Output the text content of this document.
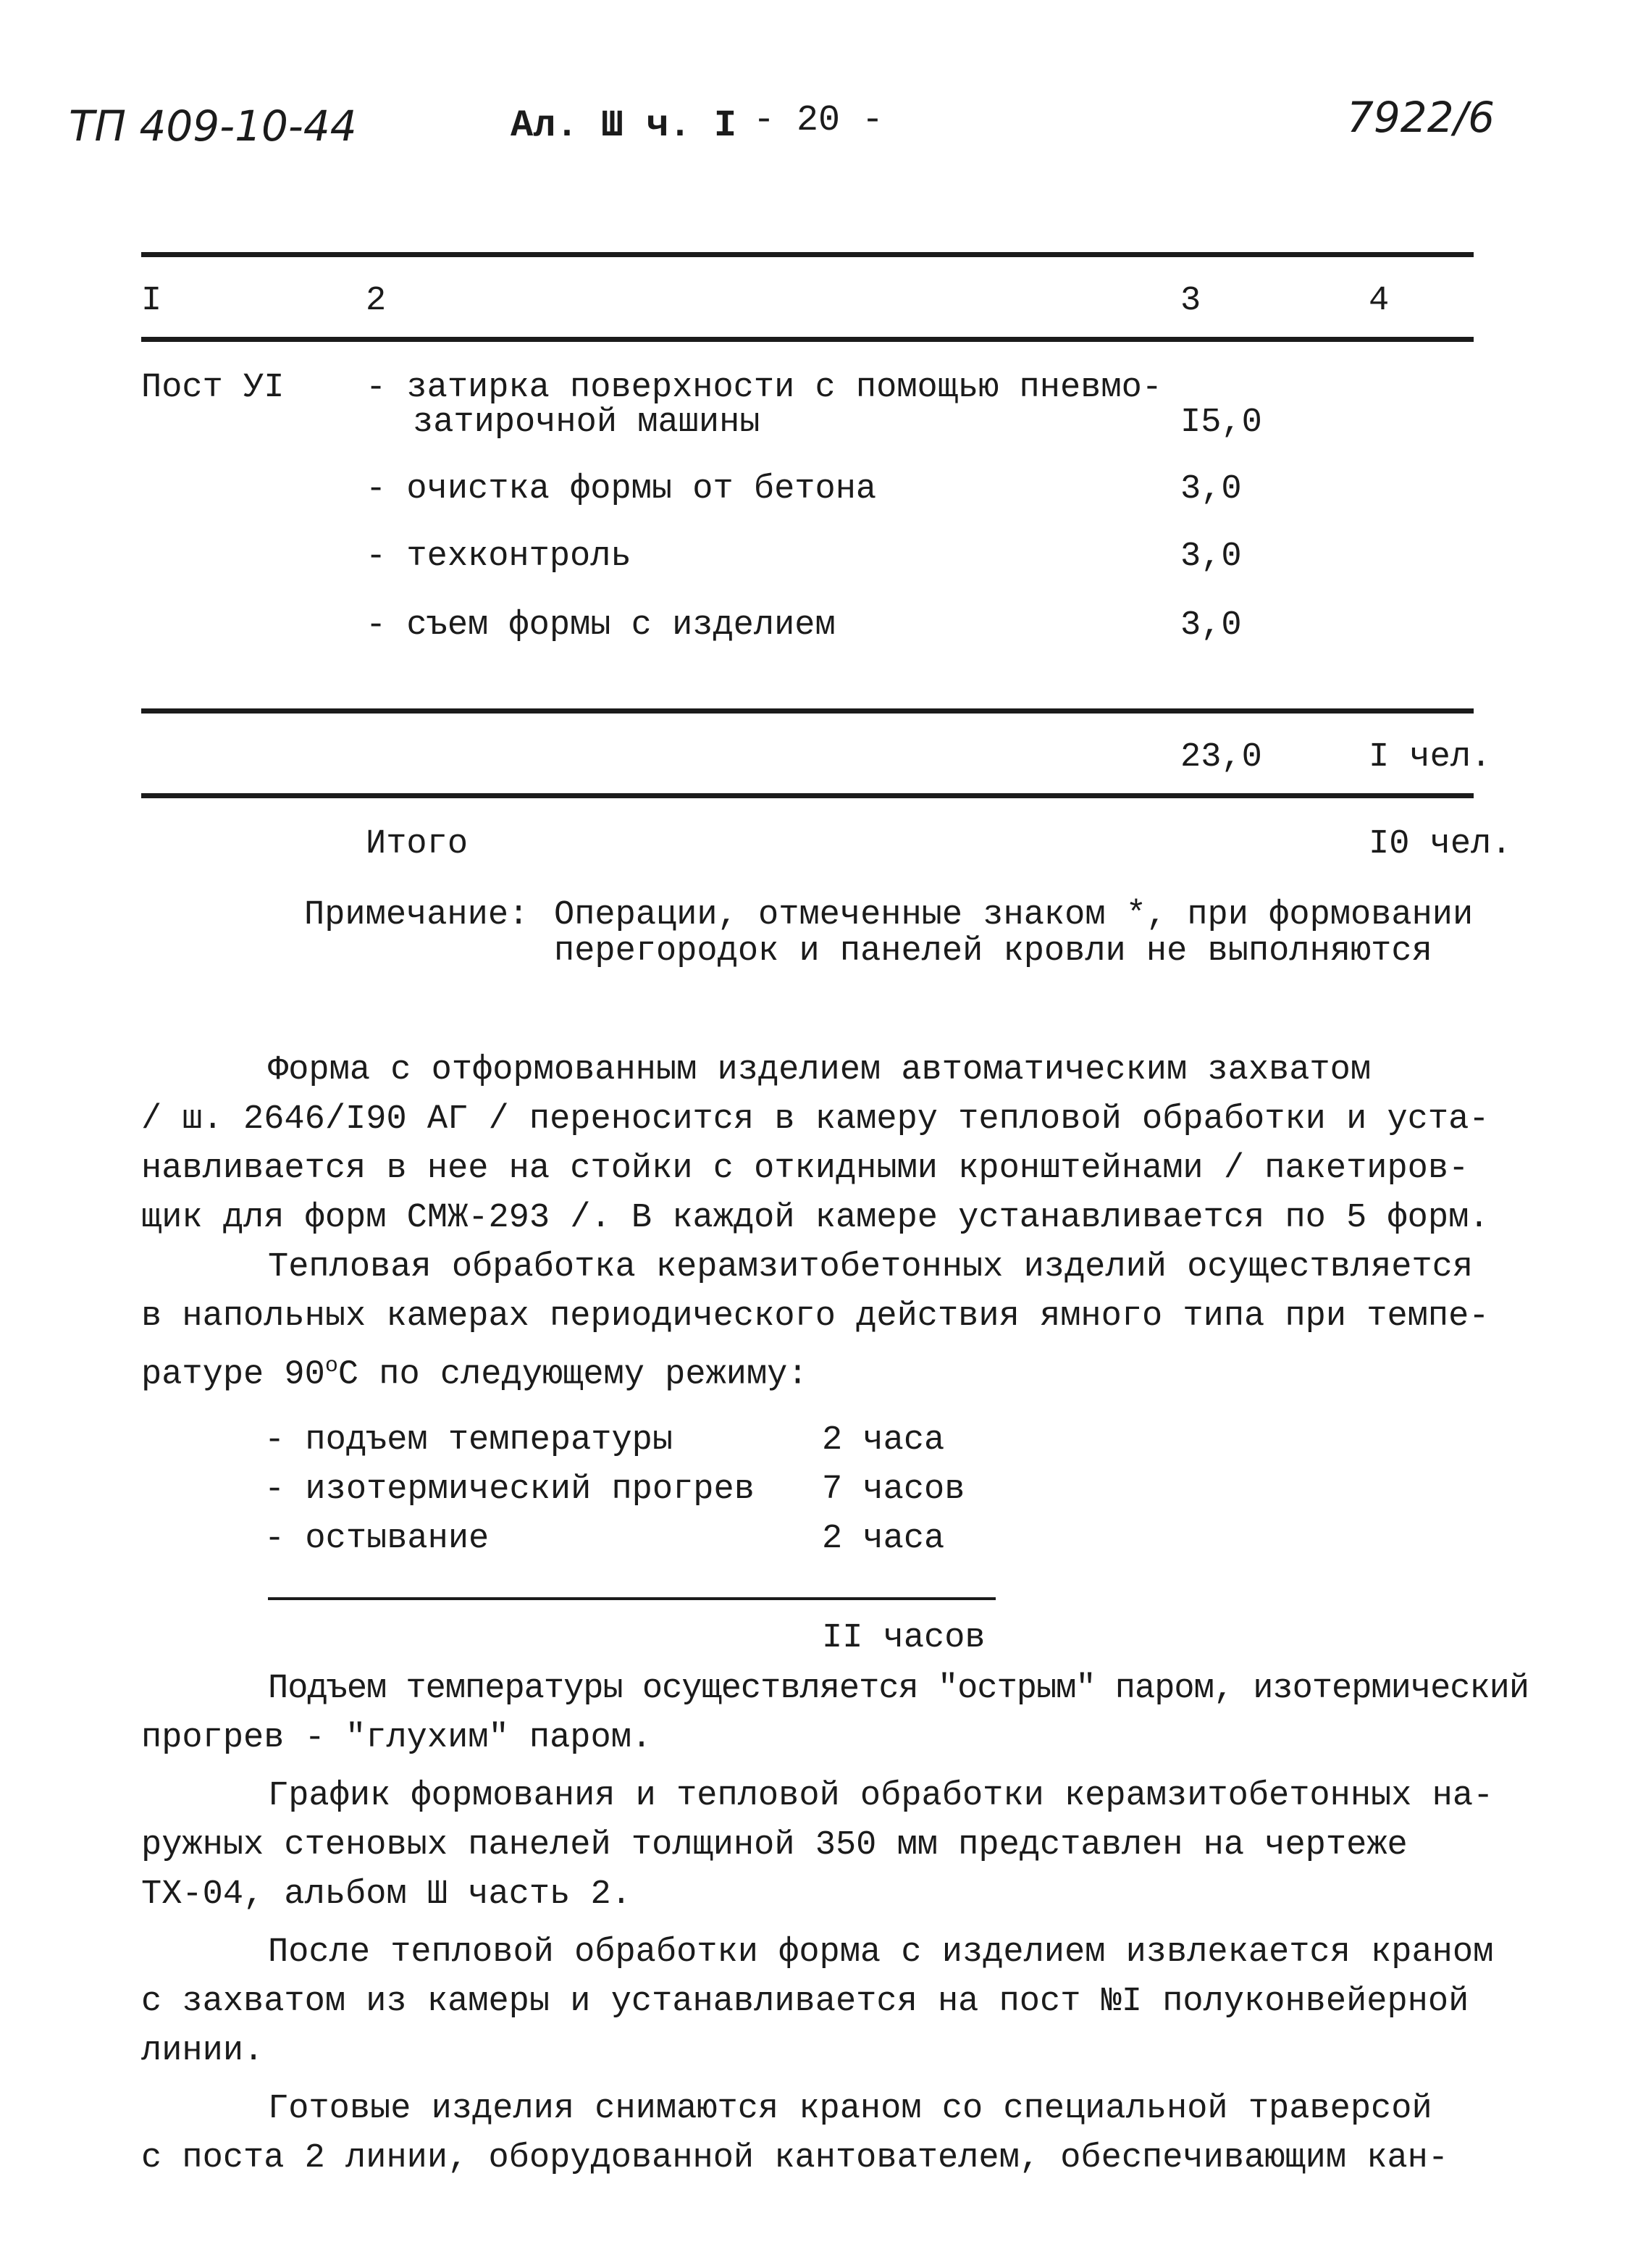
ТП 409-10-44	Ал. Ш ч. I - 20 -	7922/6
I	2	3	4
Пост УI - затирка поверхности с помощью пневмо-
затирочной машины	I5,0
- очистка формы от бетона	3,0
- техконтроль	3,0
- съем формы с изделием	3,0
23,0	I чел.
Итого	I0 чел.
Примечание: Операции, отмеченные знаком *, при формовании
перегородок и панелей кровли не выполняются
Форма с отформованным изделием автоматическим захватом
/ ш. 2646/I90 АГ / переносится в камеру тепловой обработки и уста-
навливается в нее на стойки с откидными кронштейнами / пакетиров-
щик для форм СМЖ-293 /. В каждой камере устанавливается по 5 форм.
Тепловая обработка керамзитобетонных изделий осуществляется
в напольных камерах периодического действия ямного типа при темпе-
ратуре $90^оС$ по следующему режиму:
- подъем температуры	2 часа
- изотермический прогрев 7 часов
- остывание	2 часа
II часов
Подъем температуры осуществляется "острым" паром, изотермический
прогрев - "глухим" паром.
График формования и тепловой обработки керамзитобетонных на-
ружных стеновых панелей толщиной 350 мм представлен на чертеже
ТХ-04, альбом Ш часть 2.
После тепловой обработки форма с изделием извлекается краном
с захватом из камеры и устанавливается на пост №I полуконвейерной
линии.
Готовые изделия снимаются краном со специальной траверсой
с поста 2 линии, оборудованной кантователем, обеспечивающим кан-
